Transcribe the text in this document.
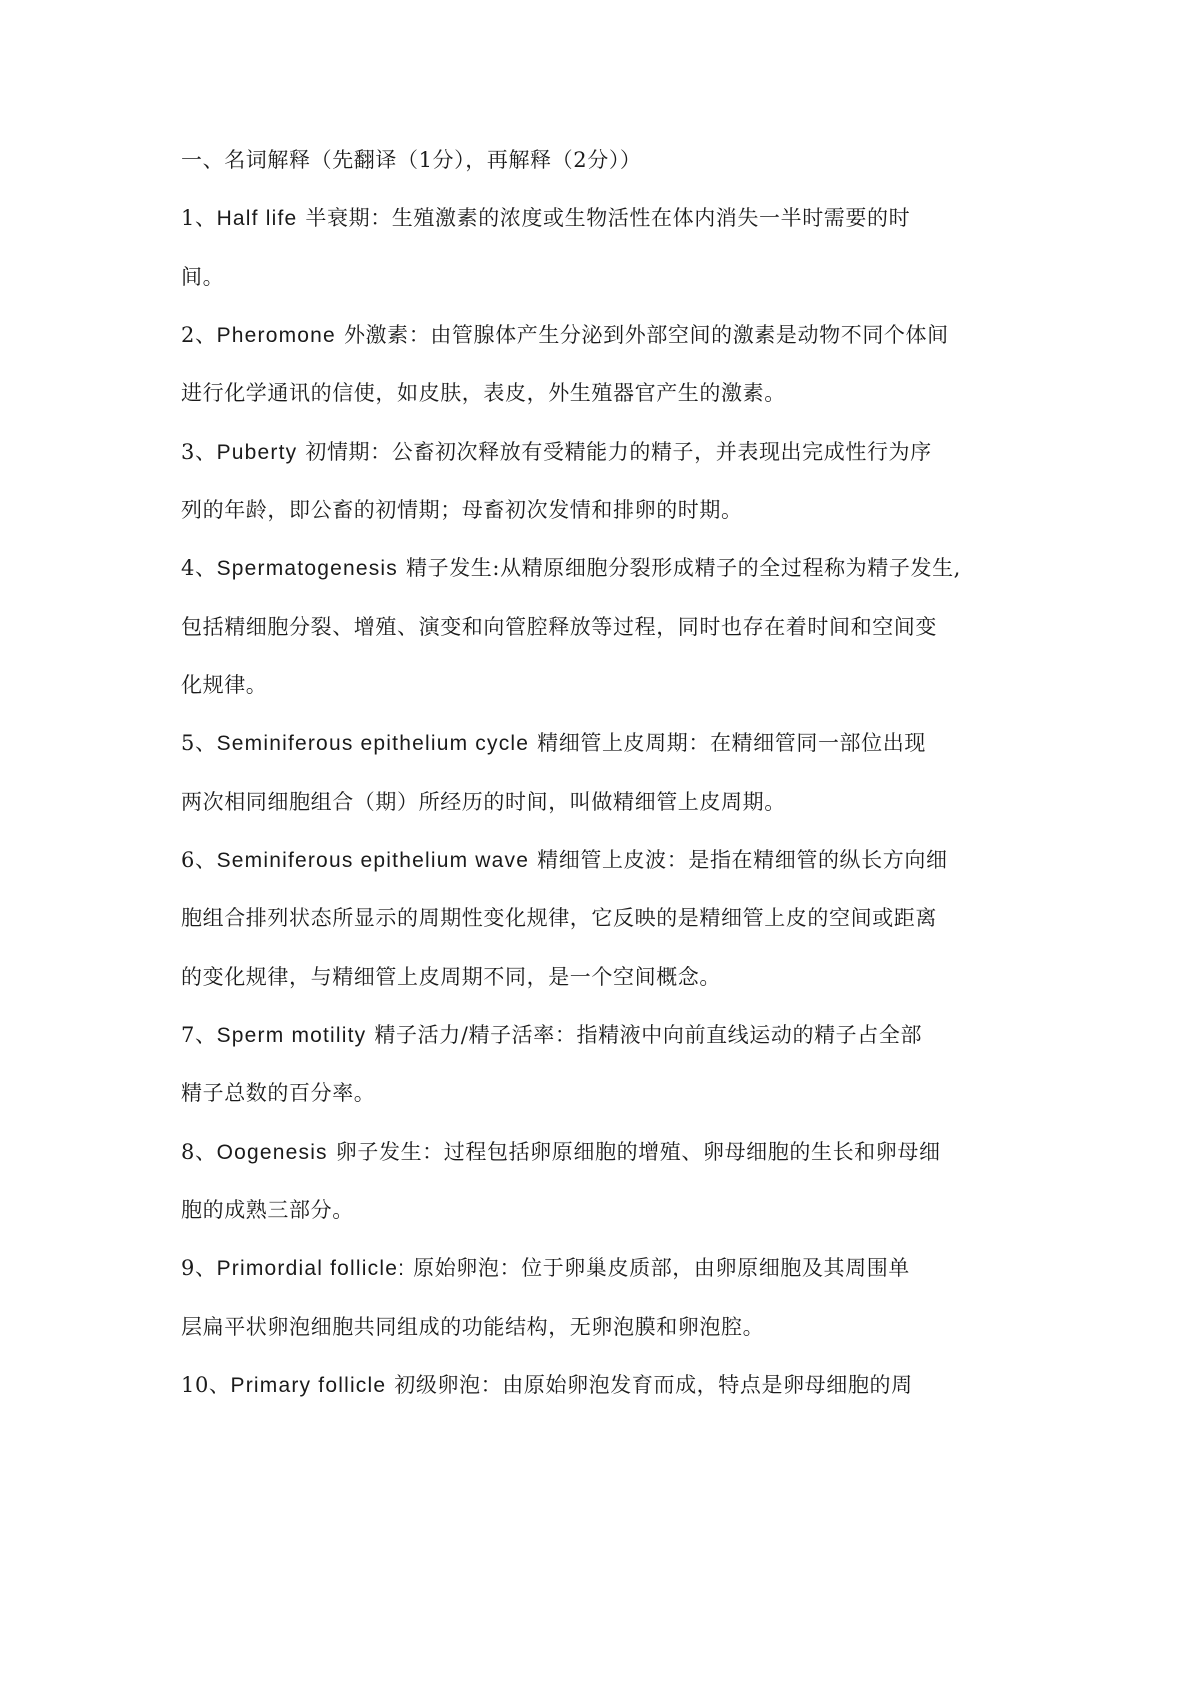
一、名词解释（先翻译（1分），再解释（2分））
1、Half life 半衰期：生殖激素的浓度或生物活性在体内消失一半时需要的时
间。
2、Pheromone 外激素：由管腺体产生分泌到外部空间的激素是动物不同个体间
进行化学通讯的信使，如皮肤，表皮，外生殖器官产生的激素。
3、Puberty 初情期：公畜初次释放有受精能力的精子，并表现出完成性行为序
列的年龄，即公畜的初情期；母畜初次发情和排卵的时期。
4、Spermatogenesis 精子发生:从精原细胞分裂形成精子的全过程称为精子发生,
包括精细胞分裂、增殖、演变和向管腔释放等过程，同时也存在着时间和空间变
化规律。
5、Seminiferous epithelium cycle 精细管上皮周期：在精细管同一部位出现
两次相同细胞组合（期）所经历的时间，叫做精细管上皮周期。
6、Seminiferous epithelium wave 精细管上皮波：是指在精细管的纵长方向细
胞组合排列状态所显示的周期性变化规律，它反映的是精细管上皮的空间或距离
的变化规律，与精细管上皮周期不同，是一个空间概念。
7、Sperm motility 精子活力/精子活率：指精液中向前直线运动的精子占全部
精子总数的百分率。
8、Oogenesis 卵子发生：过程包括卵原细胞的增殖、卵母细胞的生长和卵母细
胞的成熟三部分。
9、Primordial follicle: 原始卵泡：位于卵巢皮质部，由卵原细胞及其周围单
层扁平状卵泡细胞共同组成的功能结构，无卵泡膜和卵泡腔。
10、Primary follicle 初级卵泡：由原始卵泡发育而成，特点是卵母细胞的周
